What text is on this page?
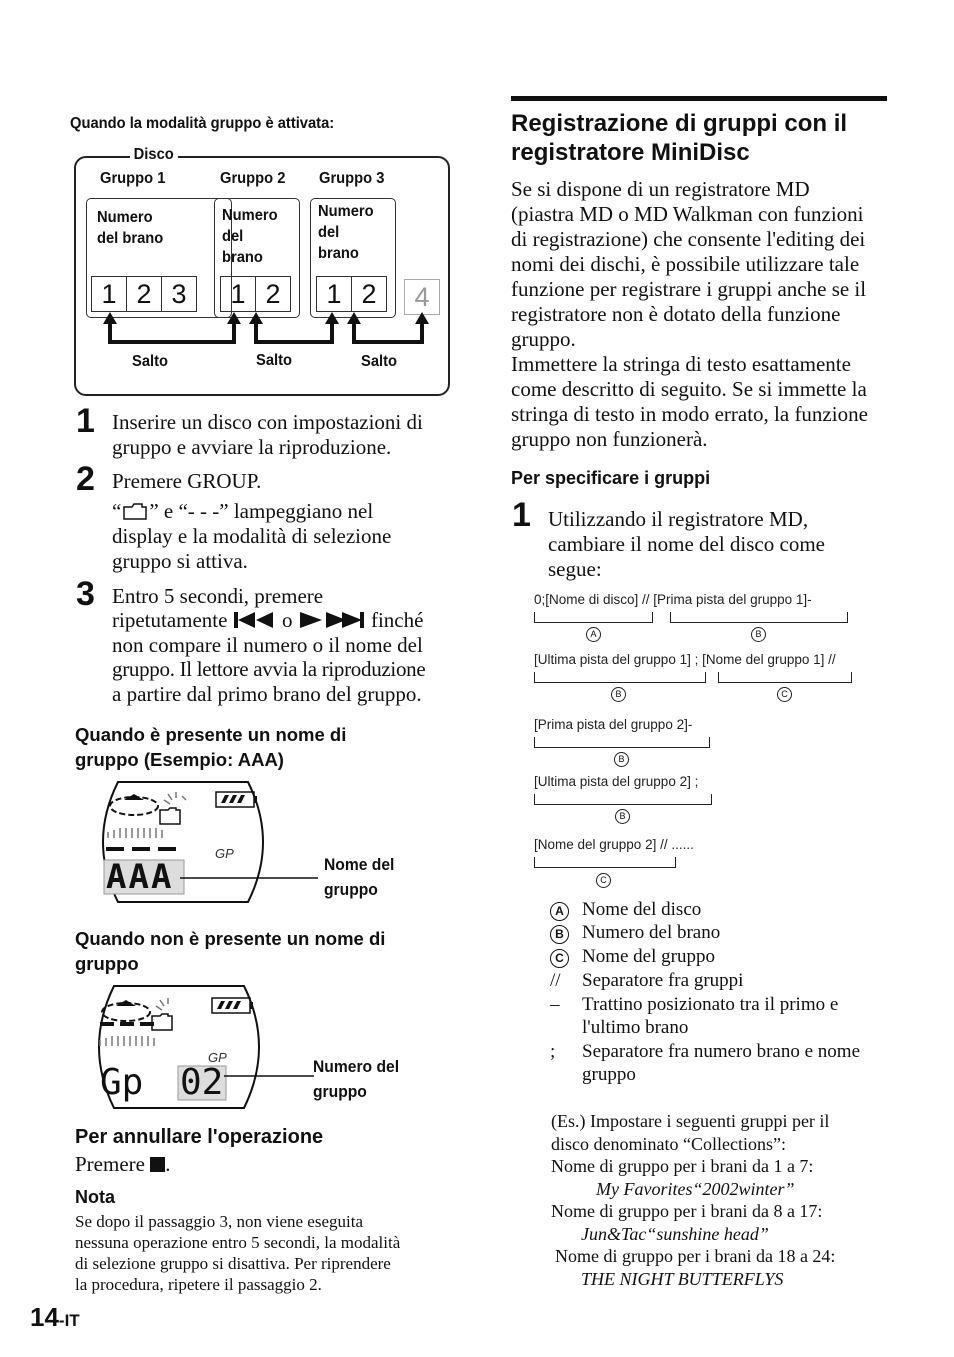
Quando la modalità gruppo è attivata:
Disco
Gruppo 1	Gruppo 2 Gruppo 3
Numero
del brano
1 2 3
Numero
del
brano
1 2
Numero
del
brano
1 2	4
Salto	Salto	Salto
1 Inserire un disco con impostazioni di gruppo e avviare la riproduzione.
2 Premere GROUP.
“ ” e “- - -” lampeggiano nel
display e la modalità di selezione
gruppo si attiva.
3 Entro 5 secondi, premere
ripetutamente	o	finché
non compare il numero o il nome del
gruppo. Il lettore avvia la riproduzione
a partire dal primo brano del gruppo.
Quando è presente un nome di
gruppo (Esempio: AAA)
GP
AAA	Nome del
gruppo
Quando non è presente un nome di
gruppo
GP
Gp 02	Numero del
gruppo
Per annullare l'operazione
Premere .
Nota
Se dopo il passaggio 3, non viene eseguita
nessuna operazione entro 5 secondi, la modalità
di selezione gruppo si disattiva. Per riprendere
la procedura, ripetere il passaggio 2.
14-IT
Registrazione di gruppi con il
registratore MiniDisc
Se si dispone di un registratore MD
(piastra MD o MD Walkman con funzioni
di registrazione) che consente l'editing dei
nomi dei dischi, è possibile utilizzare tale
funzione per registrare i gruppi anche se il
registratore non è dotato della funzione
gruppo.
Immettere la stringa di testo esattamente
come descritto di seguito. Se si immette la
stringa di testo in modo errato, la funzione
gruppo non funzionerà.
Per specificare i gruppi
1 Utilizzando il registratore MD,
cambiare il nome del disco come
segue:
0;[Nome di disco] // [Prima pista del gruppo 1]-
A	B
[Ultima pista del gruppo 1] ; [Nome del gruppo 1] //
B	C
[Prima pista del gruppo 2]-
B
[Ultima pista del gruppo 2] ;
B
[Nome del gruppo 2] // ......
C
A Nome del disco
B Numero del brano
C Nome del gruppo
//	Separatore fra gruppi
–	Trattino posizionato tra il primo e
l'ultimo brano
;	Separatore fra numero brano e nome
gruppo
(Es.) Impostare i seguenti gruppi per il
disco denominato “Collections”:
Nome di gruppo per i brani da 1 a 7:
My Favorites“2002winter”
Nome di gruppo per i brani da 8 a 17:
Jun&Tac“sunshine head”
Nome di gruppo per i brani da 18 a 24:
THE NIGHT BUTTERFLYS
